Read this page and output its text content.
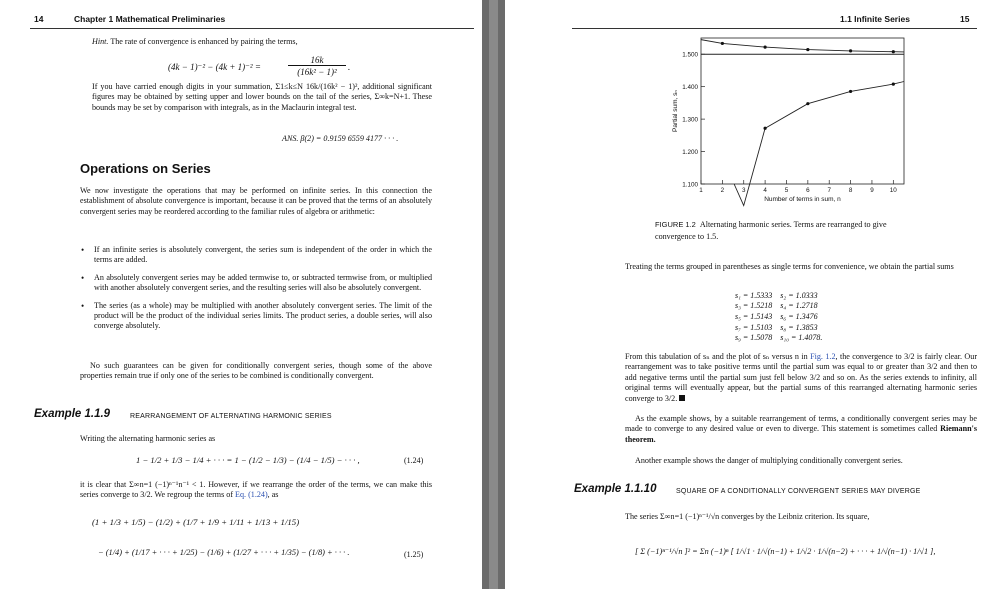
14	Chapter 1 Mathematical Preliminaries
Hint. The rate of convergence is enhanced by pairing the terms,
(4k − 1)⁻² − (4k + 1)⁻² =
16k
(16k² − 1)²	.

If you have carried enough digits in your summation, Σ1≤k≤N 16k/(16k² − 1)², additional significant figures may be obtained by setting upper and lower bounds on the tail of the series, Σ∞k=N+1. These bounds may be set by comparison with integrals, as in the Maclaurin integral test.

ANS. β(2) = 0.9159 6559 4177 · · · .
Operations on Series

We now investigate the operations that may be performed on infinite series. In this connection the establishment of absolute convergence is important, because it can be proved that the terms of an absolutely convergent series may be reordered according to the familiar rules of algebra or arithmetic:

• If an infinite series is absolutely convergent, the series sum is independent of the order in which the terms are added.
• An absolutely convergent series may be added termwise to, or subtracted termwise from, or multiplied with another absolutely convergent series, and the resulting series will also be absolutely convergent.
• The series (as a whole) may be multiplied with another absolutely convergent series. The limit of the product will be the product of the individual series limits. The product series, a double series, will also converge absolutely.

No such guarantees can be given for conditionally convergent series, though some of the above properties remain true if only one of the series to be combined is conditionally convergent.

Example 1.1.9	REARRANGEMENT OF ALTERNATING HARMONIC SERIES
Writing the alternating harmonic series as
1 − 1/2 + 1/3 − 1/4 + · · · = 1 − (1/2 − 1/3) − (1/4 − 1/5) − · · · ,	(1.24)

it is clear that Σ∞n=1 (−1)ⁿ⁻¹n⁻¹ < 1. However, if we rearrange the order of the terms, we can make this series converge to 3/2. We regroup the terms of Eq. (1.24), as

(1 + 1/3 + 1/5) − (1/2) + (1/7 + 1/9 + 1/11 + 1/13 + 1/15)
− (1/4) + (1/17 + · · · + 1/25) − (1/6) + (1/27 + · · · + 1/35) − (1/8) + · · · .	(1.25)
1.1 Infinite Series	15
1.100
1.200
1.300
1.400
1.500
1	2	3	4	5	6	7	8	9	10
Number of terms in sum, n
Partial sum, sₙ
FIGURE 1.2 Alternating harmonic series. Terms are rearranged to give convergence to 1.5.

Treating the terms grouped in parentheses as single terms for convenience, we obtain the partial sums

s₁ = 1.5333	s₂ = 1.0333
s₃ = 1.5218	s₄ = 1.2718
s₅ = 1.5143	s₆ = 1.3476
s₇ = 1.5103	s₈ = 1.3853
s₉ = 1.5078	s₁₀ = 1.4078.

From this tabulation of sₙ and the plot of sₙ versus n in Fig. 1.2, the convergence to 3/2 is fairly clear. Our rearrangement was to take positive terms until the partial sum was equal to or greater than 3/2 and then to add negative terms until the partial sum just fell below 3/2 and so on. As the series extends to infinity, all original terms will eventually appear, but the partial sums of this rearranged alternating harmonic series converge to 3/2.

As the example shows, by a suitable rearrangement of terms, a conditionally convergent series may be made to converge to any desired value or even to diverge. This statement is sometimes called Riemann's theorem.

Another example shows the danger of multiplying conditionally convergent series.

Example 1.1.10	SQUARE OF A CONDITIONALLY CONVERGENT SERIES MAY DIVERGE
The series Σ∞n=1 (−1)ⁿ⁻¹/√n converges by the Leibniz criterion. Its square,
[ Σ (−1)ⁿ⁻¹/√n ]² = Σn (−1)ⁿ [ 1/√1 · 1/√(n−1) + 1/√2 · 1/√(n−2) + · · · + 1/√(n−1) · 1/√1 ],
